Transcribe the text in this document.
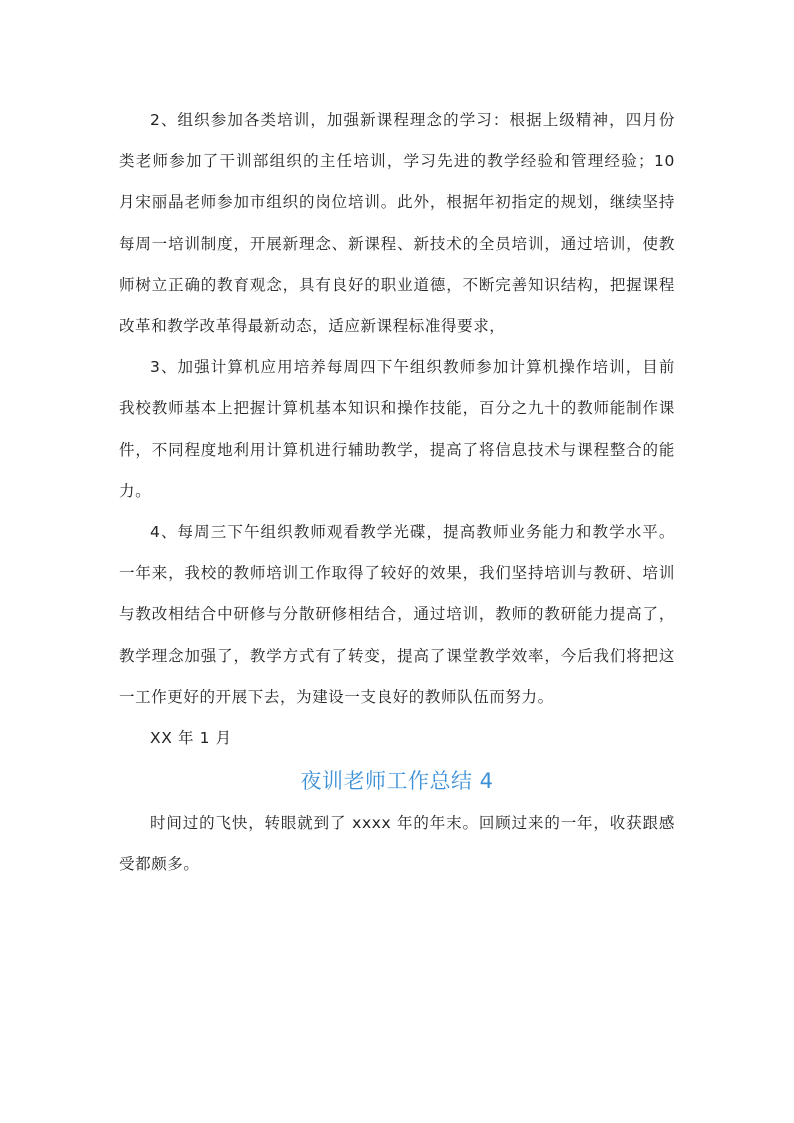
2、组织参加各类培训，加强新课程理念的学习：根据上级精神，四月份类老师参加了干训部组织的主任培训，学习先进的教学经验和管理经验；10 月宋丽晶老师参加市组织的岗位培训。此外，根据年初指定的规划，继续坚持每周一培训制度，开展新理念、新课程、新技术的全员培训，通过培训，使教师树立正确的教育观念，具有良好的职业道德，不断完善知识结构，把握课程改革和教学改革得最新动态，适应新课程标准得要求，

3、加强计算机应用培养每周四下午组织教师参加计算机操作培训，目前我校教师基本上把握计算机基本知识和操作技能，百分之九十的教师能制作课件，不同程度地利用计算机进行辅助教学，提高了将信息技术与课程整合的能力。

4、每周三下午组织教师观看教学光碟，提高教师业务能力和教学水平。一年来，我校的教师培训工作取得了较好的效果，我们坚持培训与教研、培训与教改相结合中研修与分散研修相结合，通过培训，教师的教研能力提高了，教学理念加强了，教学方式有了转变，提高了课堂教学效率，今后我们将把这一工作更好的开展下去，为建设一支良好的教师队伍而努力。

XX 年 1 月

夜训老师工作总结 4

时间过的飞快，转眼就到了 xxxx 年的年末。回顾过来的一年，收获跟感受都颇多。
